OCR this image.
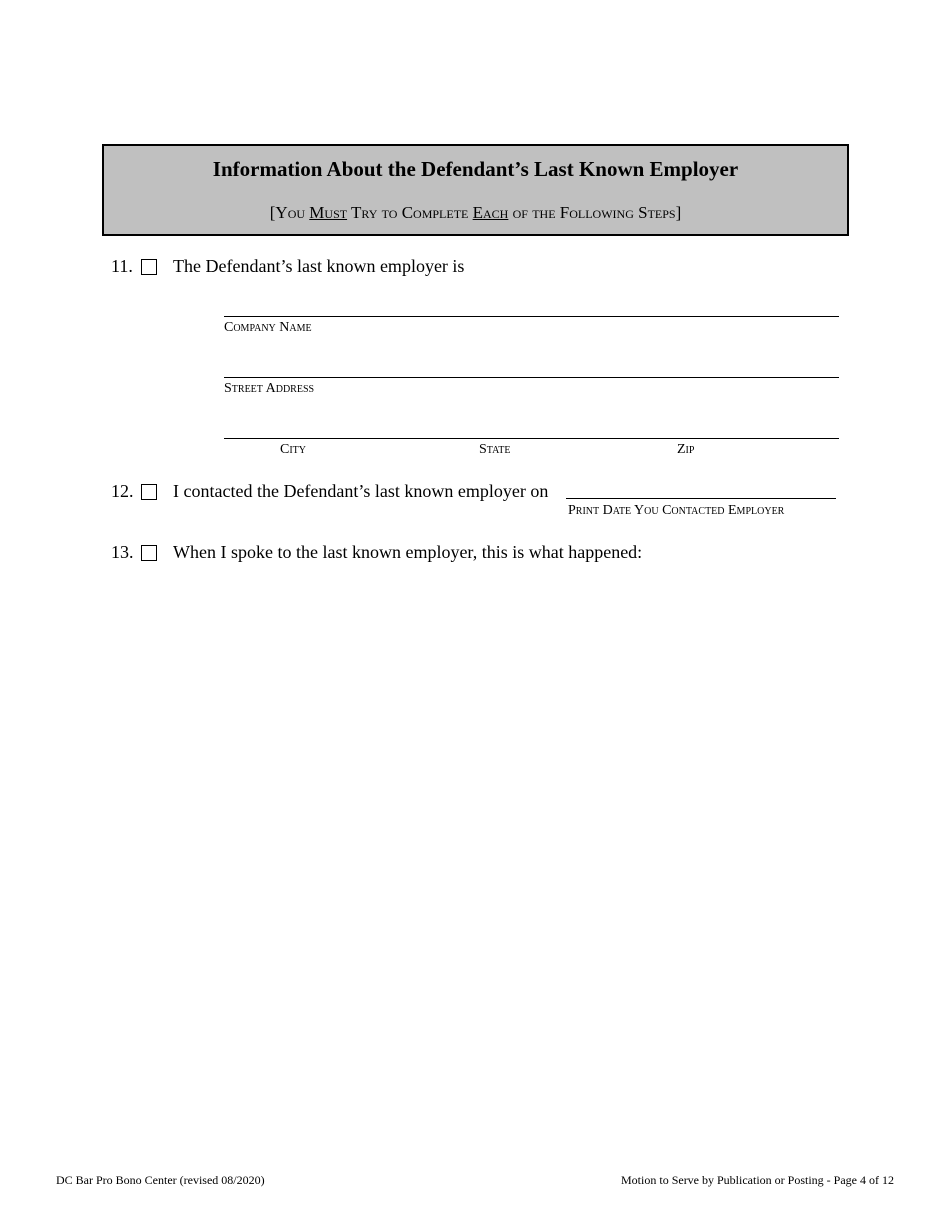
Information About the Defendant’s Last Known Employer
[You Must Try to Complete Each of the Following Steps]
11. The Defendant’s last known employer is
Company Name
Street Address
City	State	Zip
12. I contacted the Defendant’s last known employer on
Print Date You Contacted Employer
13. When I spoke to the last known employer, this is what happened:
DC Bar Pro Bono Center (revised 08/2020)	Motion to Serve by Publication or Posting - Page 4 of 12
